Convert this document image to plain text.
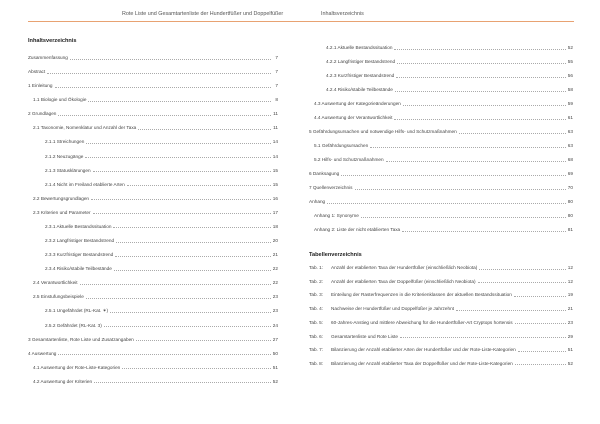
Rote Liste und Gesamtartenliste der Hundertfüßer und Doppelfüßer	Inhaltsverzeichnis
Inhaltsverzeichnis
Zusammenfassung	7
Abstract	7
1 Einleitung	7
1.1 Biologie und Ökologie	8
2 Grundlagen	11
2.1 Taxonomie, Nomenklatur und Anzahl der Taxa	11
2.1.1 Streichungen	14
2.1.2 Neuzugänge	14
2.1.3 Statusklärungen	15
2.1.4 Nicht im Freiland etablierte Arten	15
2.2 Bewertungsgrundlagen	16
2.3 Kriterien und Parameter	17
2.3.1 Aktuelle Bestandssituation	18
2.3.2 Langfristiger Bestandstrend	20
2.3.3 Kurzfristiger Bestandstrend	21
2.3.4 Risiko/stabile Teilbestände	22
2.4 Verantwortlichkeit	22
2.5 Einstufungsbeispiele	23
2.5.1 Ungefährdet (RL-Kat. ✶)	23
2.5.2 Gefährdet (RL-Kat. 3)	24
3 Gesamtartenliste, Rote Liste und Zusatzangaben	27
4 Auswertung	50
4.1 Auswertung der Rote-Liste-Kategorien	51
4.2 Auswertung der Kriterien	52
4.2.1 Aktuelle Bestandssituation	52
4.2.2 Langfristiger Bestandstrend	55
4.2.3 Kurzfristiger Bestandstrend	56
4.2.4 Risiko/stabile Teilbestände	58
4.3 Auswertung der Kategorieänderungen	59
4.4 Auswertung der Verantwortlichkeit	61
5 Gefährdungsursachen und notwendige Hilfs- und Schutzmaßnahmen	63
5.1 Gefährdungsursachen	63
5.2 Hilfs- und Schutzmaßnahmen	68
6 Danksagung	69
7 Quellenverzeichnis	70
Anhang	80
Anhang 1: Synonyme	80
Anhang 2: Liste der nicht etablierten Taxa	81
Tabellenverzeichnis
Tab. 1:	Anzahl der etablierten Taxa der Hundertfüßer (einschließlich Neobiota)	12
Tab. 2:	Anzahl der etablierten Taxa der Doppelfüßer (einschließlich Neobiota)	12
Tab. 3:	Einteilung der Rasterfrequenzen in die Kriterienklassen der aktuellen Bestandssituation	19
Tab. 4:	Nachweise der Hundertfüßer und Doppelfüßer je Jahrzehnt	21
Tab. 5:	60-Jahres-Anstieg und mittlere Abweichung für die Hundertfüßer-Art Cryptops hortensis	23
Tab. 6:	Gesamtartenliste und Rote Liste	29
Tab. 7:	Bilanzierung der Anzahl etablierter Arten der Hundertfüßer und der Rote-Liste-Kategorien	51
Tab. 8:	Bilanzierung der Anzahl etablierter Taxa der Doppelfüßer und der Rote-Liste-Kategorien	52
